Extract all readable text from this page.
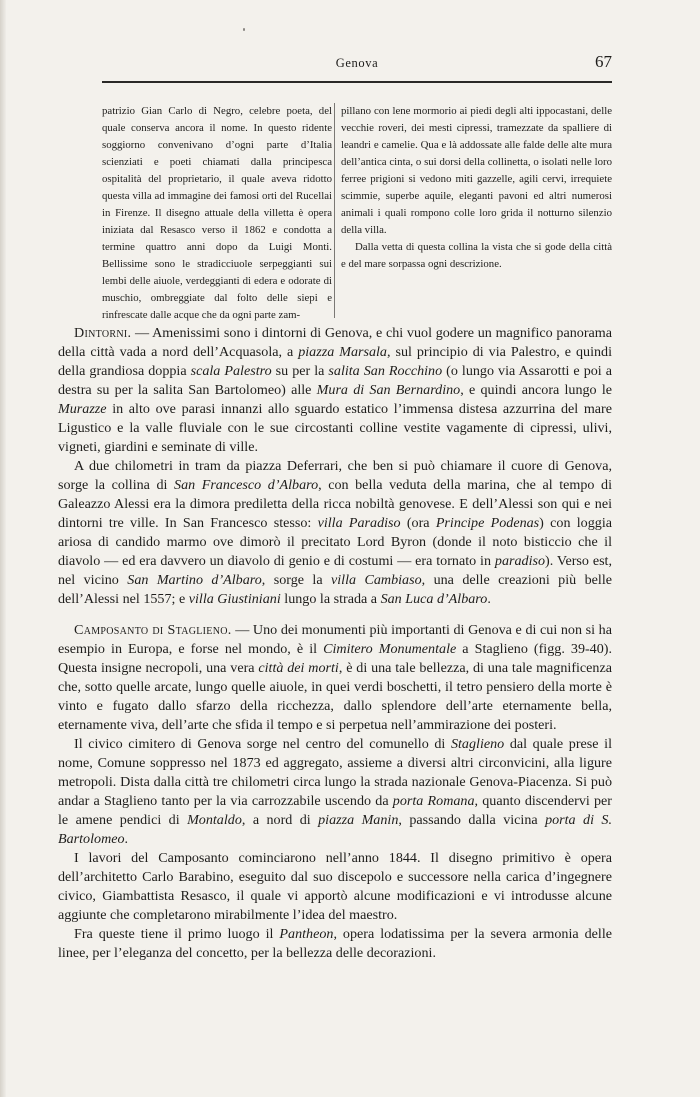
Genova	67

patrizio Gian Carlo di Negro, celebre poeta, del quale conserva ancora il nome. In questo ridente soggiorno convenivano d’ogni parte d’Italia scienziati e poeti chiamati dalla principesca ospitalità del proprietario, il quale aveva ridotto questa villa ad immagine dei famosi orti del Rucellai in Firenze. Il disegno attuale della villetta è opera iniziata dal Resasco verso il 1862 e condotta a termine quattro anni dopo da Luigi Monti. Bellissime sono le stradicciuole serpeggianti sui lembi delle aiuole, verdeggianti di edera e odorate di muschio, ombreggiate dal folto delle siepi e rinfrescate dalle acque che da ogni parte zam-

pillano con lene mormorio ai piedi degli alti ippocastani, delle vecchie roveri, dei mesti cipressi, tramezzate da spalliere di leandri e camelie. Qua e là addossate alle falde delle alte mura dell’antica cinta, o sui dorsi della collinetta, o isolati nelle loro ferree prigioni si vedono miti gazzelle, agili cervi, irrequiete scimmie, superbe aquile, eleganti pavoni ed altri numerosi animali i quali rompono colle loro grida il notturno silenzio della villa.

Dalla vetta di questa collina la vista che si gode della città e del mare sorpassa ogni descrizione.

Dintorni. — Amenissimi sono i dintorni di Genova, e chi vuol godere un magnifico panorama della città vada a nord dell’Acquasola, a piazza Marsala, sul principio di via Palestro, e quindi della grandiosa doppia scala Palestro su per la salita San Rocchino (o lungo via Assarotti e poi a destra su per la salita San Bartolomeo) alle Mura di San Bernardino, e quindi ancora lungo le Murazze in alto ove parasi innanzi allo sguardo estatico l’immensa distesa azzurrina del mare Ligustico e la valle fluviale con le sue circostanti colline vestite vagamente di cipressi, ulivi, vigneti, giardini e seminate di ville.

A due chilometri in tram da piazza Deferrari, che ben si può chiamare il cuore di Genova, sorge la collina di San Francesco d’Albaro, con bella veduta della marina, che al tempo di Galeazzo Alessi era la dimora prediletta della ricca nobiltà genovese. E dell’Alessi son qui e nei dintorni tre ville. In San Francesco stesso: villa Paradiso (ora Principe Podenas) con loggia ariosa di candido marmo ove dimorò il precitato Lord Byron (donde il noto bisticcio che il diavolo — ed era davvero un diavolo di genio e di costumi — era tornato in paradiso). Verso est, nel vicino San Martino d’Albaro, sorge la villa Cambiaso, una delle creazioni più belle dell’Alessi nel 1557; e villa Giustiniani lungo la strada a San Luca d’Albaro.

Camposanto di Staglieno. — Uno dei monumenti più importanti di Genova e di cui non si ha esempio in Europa, e forse nel mondo, è il Cimitero Monumentale a Staglieno (figg. 39-40). Questa insigne necropoli, una vera città dei morti, è di una tale bellezza, di una tale magnificenza che, sotto quelle arcate, lungo quelle aiuole, in quei verdi boschetti, il tetro pensiero della morte è vinto e fugato dallo sfarzo della ricchezza, dallo splendore dell’arte eternamente bella, eternamente viva, dell’arte che sfida il tempo e si perpetua nell’ammirazione dei posteri.

Il civico cimitero di Genova sorge nel centro del comunello di Staglieno dal quale prese il nome, Comune soppresso nel 1873 ed aggregato, assieme a diversi altri circonvicini, alla ligure metropoli. Dista dalla città tre chilometri circa lungo la strada nazionale Genova-Piacenza. Si può andar a Staglieno tanto per la via carrozzabile uscendo da porta Romana, quanto discendervi per le amene pendici di Montaldo, a nord di piazza Manin, passando dalla vicina porta di S. Bartolomeo.

I lavori del Camposanto cominciarono nell’anno 1844. Il disegno primitivo è opera dell’architetto Carlo Barabino, eseguito dal suo discepolo e successore nella carica d’ingegnere civico, Giambattista Resasco, il quale vi apportò alcune modificazioni e vi introdusse alcune aggiunte che completarono mirabilmente l’idea del maestro.

Fra queste tiene il primo luogo il Pantheon, opera lodatissima per la severa armonia delle linee, per l’eleganza del concetto, per la bellezza delle decorazioni.
